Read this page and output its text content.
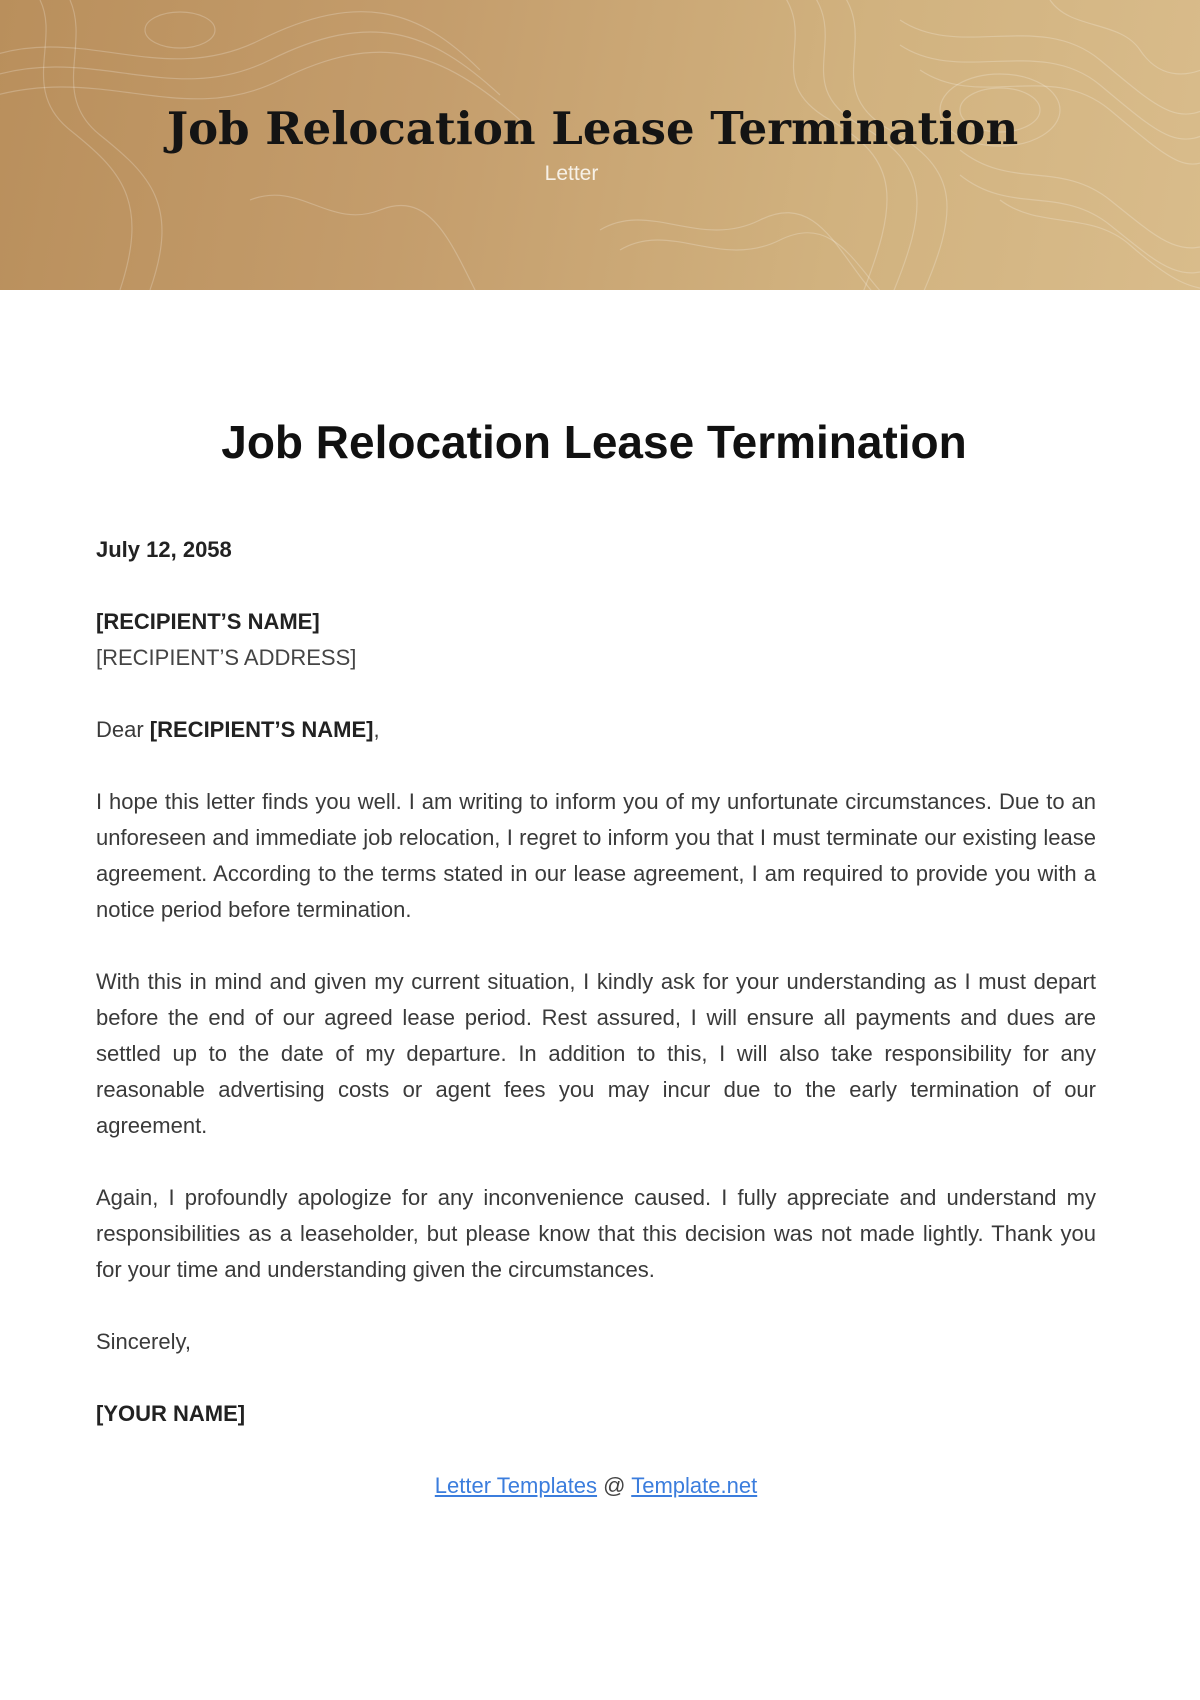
Job Relocation Lease Termination
Letter
Job Relocation Lease Termination

July 12, 2058

[RECIPIENT’S NAME]

[RECIPIENT’S ADDRESS]

Dear [RECIPIENT’S NAME],

I hope this letter finds you well. I am writing to inform you of my unfortunate circumstances. Due to an unforeseen and immediate job relocation, I regret to inform you that I must terminate our existing lease agreement. According to the terms stated in our lease agreement, I am required to provide you with a notice period before termination.

With this in mind and given my current situation, I kindly ask for your understanding as I must depart before the end of our agreed lease period. Rest assured, I will ensure all payments and dues are settled up to the date of my departure. In addition to this, I will also take responsibility for any reasonable advertising costs or agent fees you may incur due to the early termination of our agreement.

Again, I profoundly apologize for any inconvenience caused. I fully appreciate and understand my responsibilities as a leaseholder, but please know that this decision was not made lightly. Thank you for your time and understanding given the circumstances.

Sincerely,

[YOUR NAME]

Letter Templates @ Template.net
